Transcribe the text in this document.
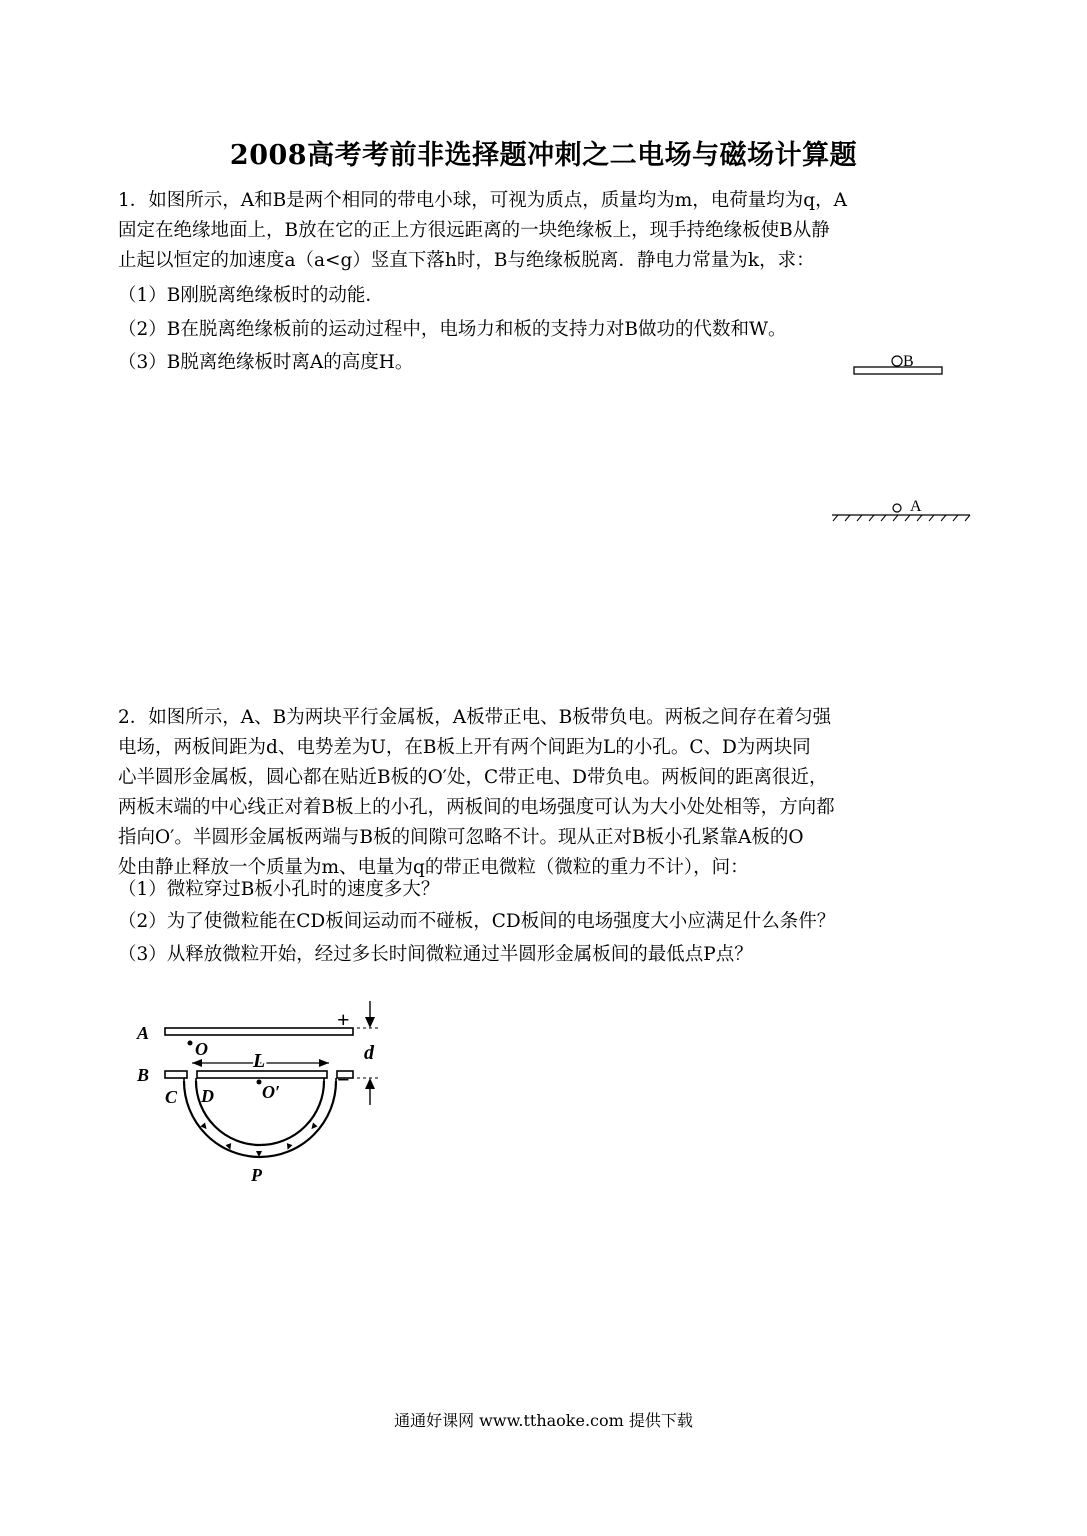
2008高考考前非选择题冲刺之二电场与磁场计算题
1．如图所示，A和B是两个相同的带电小球，可视为质点，质量均为m，电荷量均为q，A
固定在绝缘地面上，B放在它的正上方很远距离的一块绝缘板上，现手持绝缘板使B从静
止起以恒定的加速度a（a<g）竖直下落h时，B与绝缘板脱离．静电力常量为k，求：
（1）B刚脱离绝缘板时的动能．
（2）B在脱离绝缘板前的运动过程中，电场力和板的支持力对B做功的代数和W。
（3）B脱离绝缘板时离A的高度H。	B
A
2．如图所示，A、B为两块平行金属板，A板带正电、B板带负电。两板之间存在着匀强
电场，两板间距为d、电势差为U，在B板上开有两个间距为L的小孔。C、D为两块同
心半圆形金属板，圆心都在贴近B板的O′处，C带正电、D带负电。两板间的距离很近，
两板末端的中心线正对着B板上的小孔，两板间的电场强度可认为大小处处相等，方向都
指向O′。半圆形金属板两端与B板的间隙可忽略不计。现从正对B板小孔紧靠A板的O
处由静止释放一个质量为m、电量为q的带正电微粒（微粒的重力不计），问：
（1）微粒穿过B板小孔时的速度多大？
（2）为了使微粒能在CD板间运动而不碰板，CD板间的电场强度大小应满足什么条件？
（3）从释放微粒开始，经过多长时间微粒通过半圆形金属板间的最低点P点？
A
+
O
L
B	−
O′
C D
P
d
通通好课网 www.tthaoke.com 提供下载
